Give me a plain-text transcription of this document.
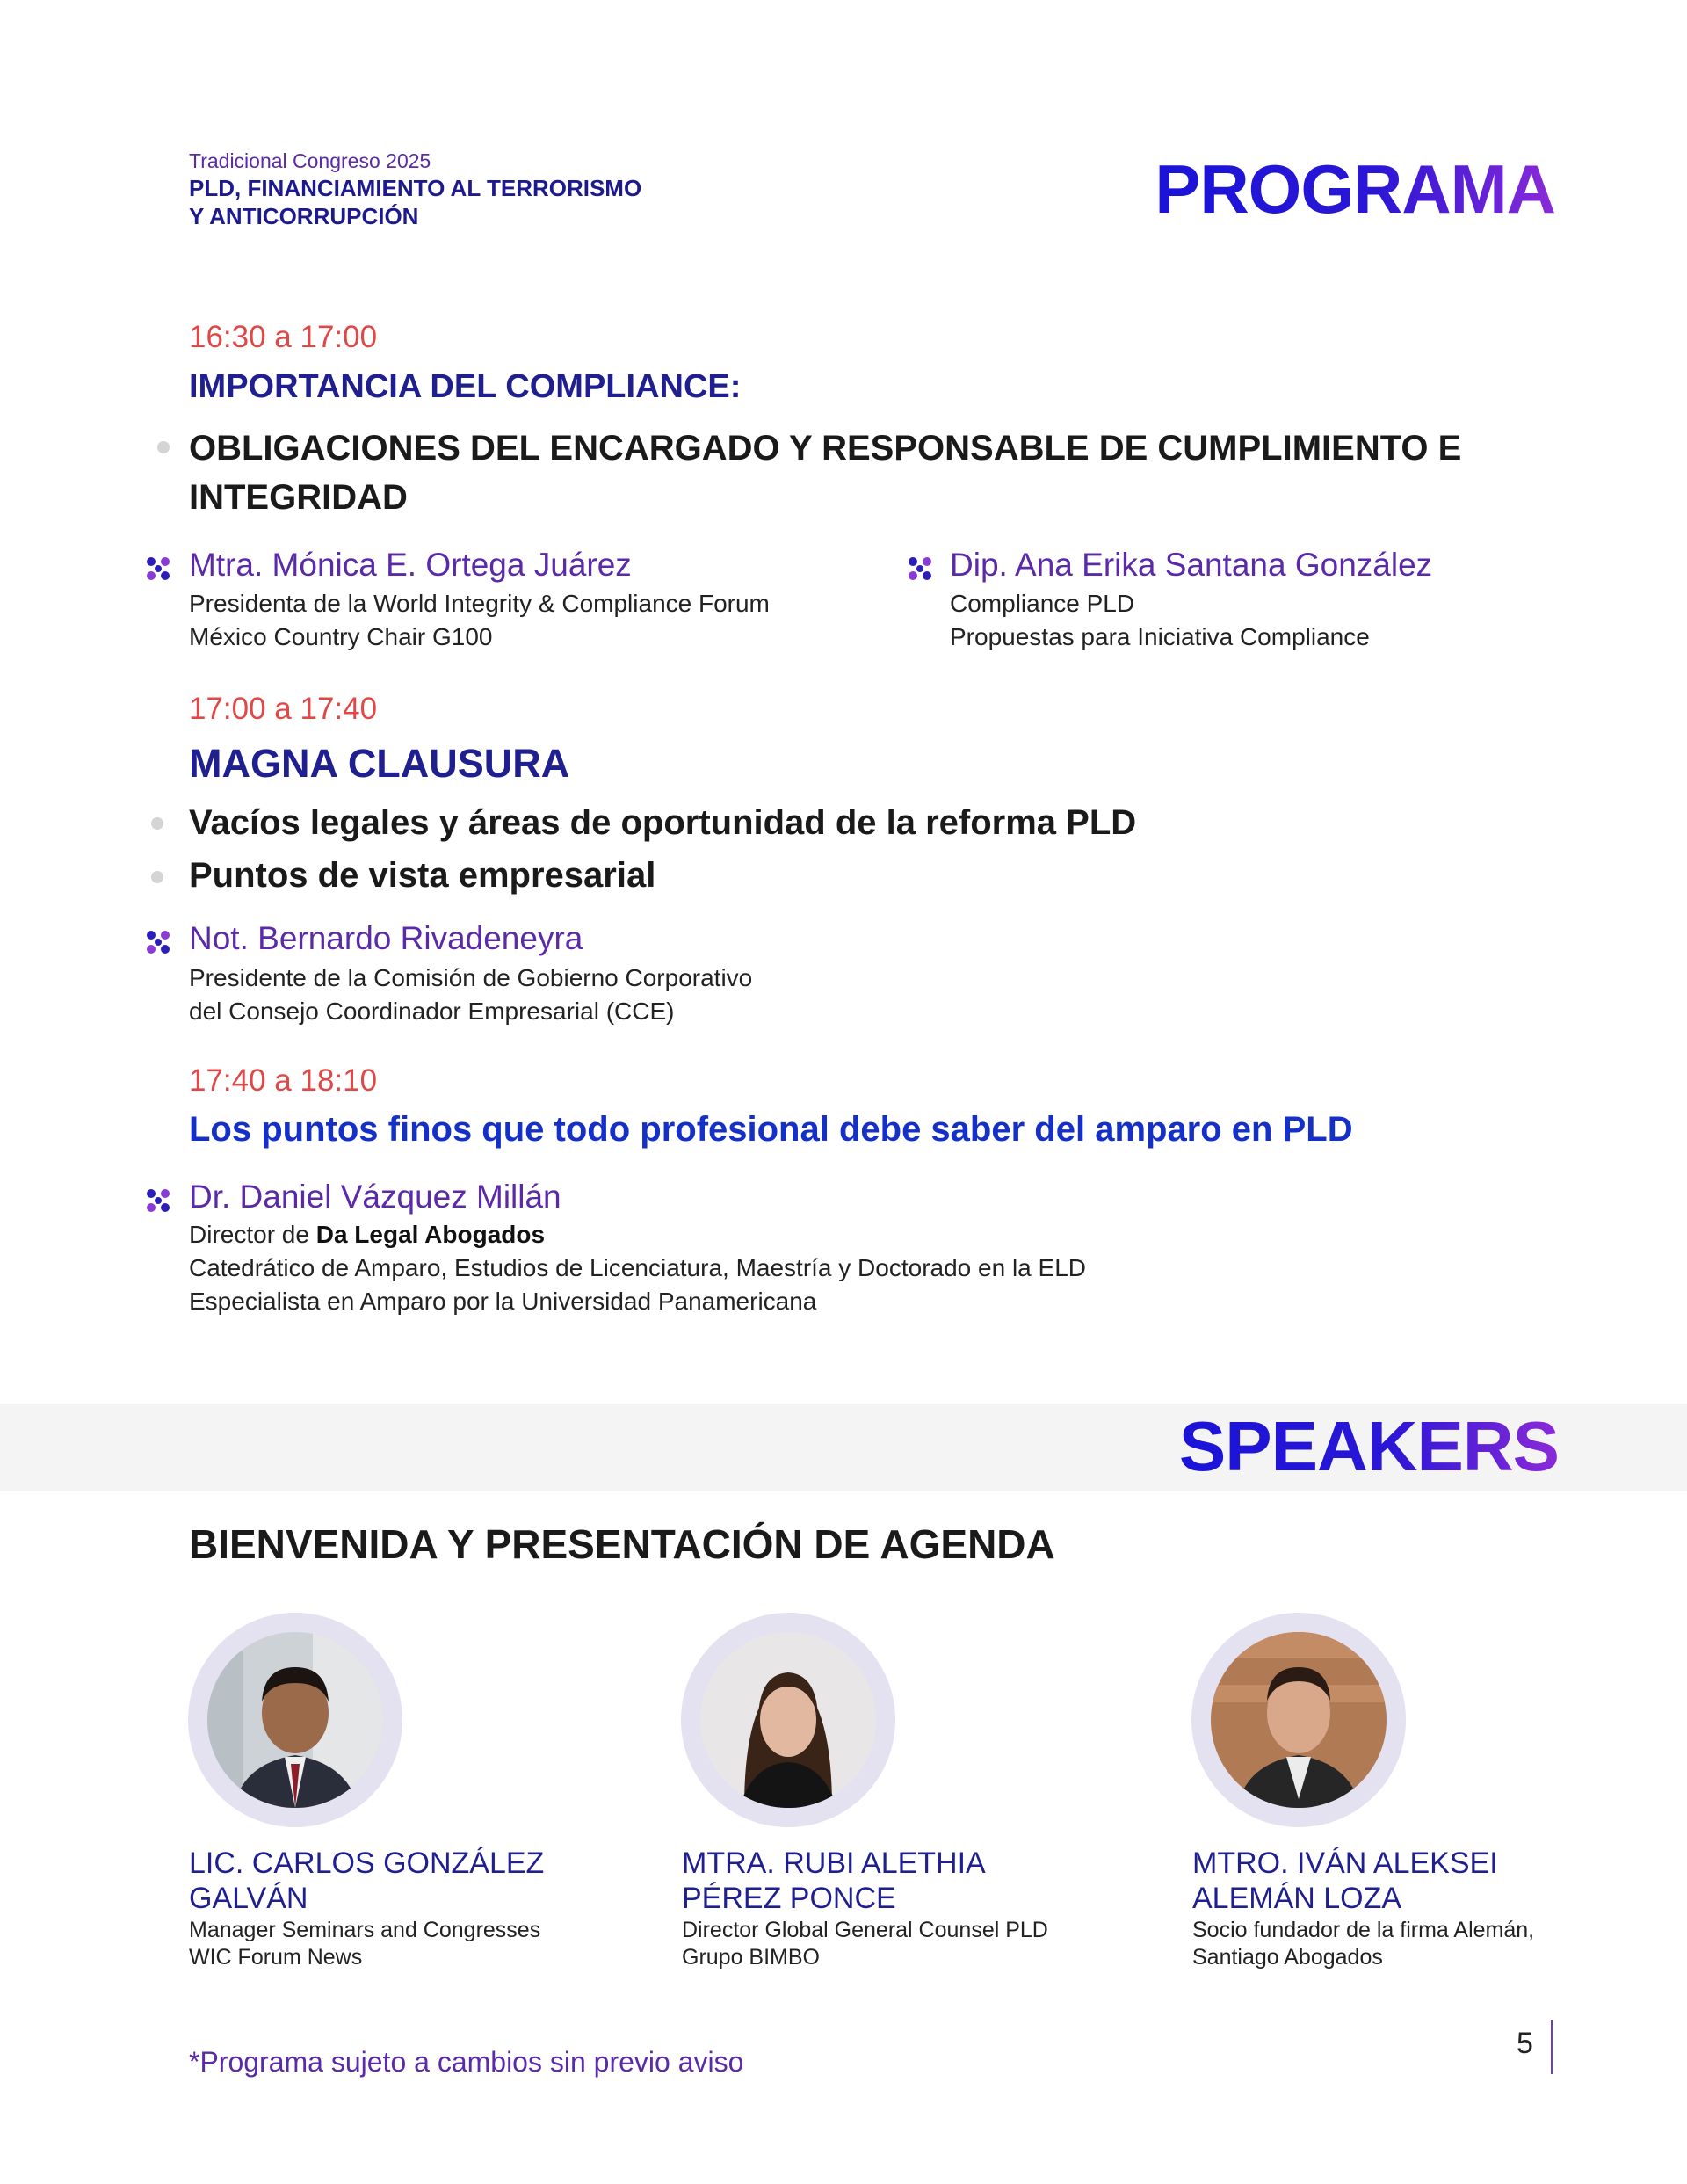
Tradicional Congreso 2025
PLD, FINANCIAMIENTO AL TERRORISMO
Y ANTICORRUPCIÓN	PROGRAMA
16:30 a 17:00
IMPORTANCIA DEL COMPLIANCE:
OBLIGACIONES DEL ENCARGADO Y RESPONSABLE DE CUMPLIMIENTO E INTEGRIDAD
Mtra. Mónica E. Ortega Juárez
Presidenta de la World Integrity & Compliance Forum
México Country Chair G100
Dip. Ana Erika Santana González
Compliance PLD
Propuestas para Iniciativa Compliance
17:00 a 17:40
MAGNA CLAUSURA
Vacíos legales y áreas de oportunidad de la reforma PLD
Puntos de vista empresarial
Not. Bernardo Rivadeneyra
Presidente de la Comisión de Gobierno Corporativo
del Consejo Coordinador Empresarial (CCE)
17:40 a 18:10
Los puntos finos que todo profesional debe saber del amparo en PLD
Dr. Daniel Vázquez Millán
Director de Da Legal Abogados
Catedrático de Amparo, Estudios de Licenciatura, Maestría y Doctorado en la ELD
Especialista en Amparo por la Universidad Panamericana
SPEAKERS
BIENVENIDA Y PRESENTACIÓN DE AGENDA
LIC. CARLOS GONZÁLEZ
GALVÁN
Manager Seminars and Congresses
WIC Forum News
MTRA. RUBI ALETHIA
PÉREZ PONCE
Director Global General Counsel PLD
Grupo BIMBO
MTRO. IVÁN ALEKSEI
ALEMÁN LOZA
Socio fundador de la firma Alemán,
Santiago Abogados
*Programa sujeto a cambios sin previo aviso
5
